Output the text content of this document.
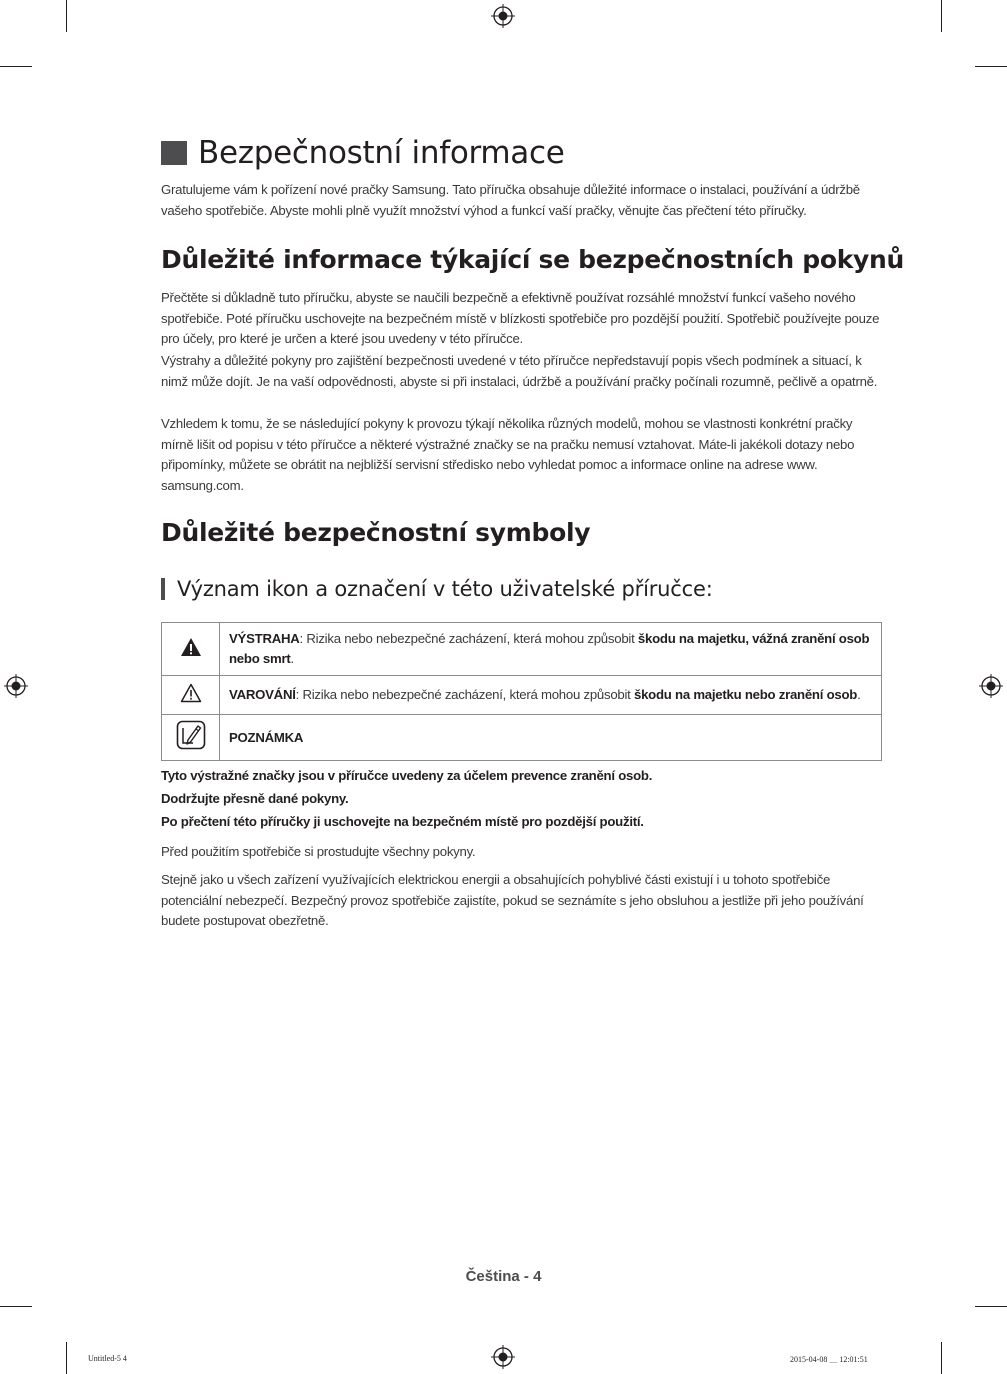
Bezpečnostní informace

Gratulujeme vám k pořízení nové pračky Samsung. Tato příručka obsahuje důležité informace o instalaci, používání a údržbě vašeho spotřebiče. Abyste mohli plně využít množství výhod a funkcí vaší pračky, věnujte čas přečtení této příručky.

Důležité informace týkající se bezpečnostních pokynů

Přečtěte si důkladně tuto příručku, abyste se naučili bezpečně a efektivně používat rozsáhlé množství funkcí vašeho nového spotřebiče. Poté příručku uschovejte na bezpečném místě v blízkosti spotřebiče pro pozdější použití. Spotřebič používejte pouze pro účely, pro které je určen a které jsou uvedeny v této příručce.

Výstrahy a důležité pokyny pro zajištění bezpečnosti uvedené v této příručce nepředstavují popis všech podmínek a situací, k nimž může dojít. Je na vaší odpovědnosti, abyste si při instalaci, údržbě a používání pračky počínali rozumně, pečlivě a opatrně.

Vzhledem k tomu, že se následující pokyny k provozu týkají několika různých modelů, mohou se vlastnosti konkrétní pračky mírně lišit od popisu v této příručce a některé výstražné značky se na pračku nemusí vztahovat. Máte-li jakékoli dotazy nebo připomínky, můžete se obrátit na nejbližší servisní středisko nebo vyhledat pomoc a informace online na adrese www. samsung.com.

Důležité bezpečnostní symboly
Význam ikon a označení v této uživatelské příručce:
	VÝSTRAHA: Rizika nebo nebezpečné zacházení, která mohou způsobit škodu na majetku, vážná zranění osob nebo smrt.
	VAROVÁNÍ: Rizika nebo nebezpečné zacházení, která mohou způsobit škodu na majetku nebo zranění osob.
	POZNÁMKA
Tyto výstražné značky jsou v příručce uvedeny za účelem prevence zranění osob.
Dodržujte přesně dané pokyny.
Po přečtení této příručky ji uschovejte na bezpečném místě pro pozdější použití.

Před použitím spotřebiče si prostudujte všechny pokyny.

Stejně jako u všech zařízení využívajících elektrickou energii a obsahujících pohyblivé části existují i u tohoto spotřebiče potenciální nebezpečí. Bezpečný provoz spotřebiče zajistíte, pokud se seznámíte s jeho obsluhou a jestliže při jeho používání budete postupovat obezřetně.

Čeština - 4
Untitled-5 4	2015-04-08 ＿ 12:01:51
